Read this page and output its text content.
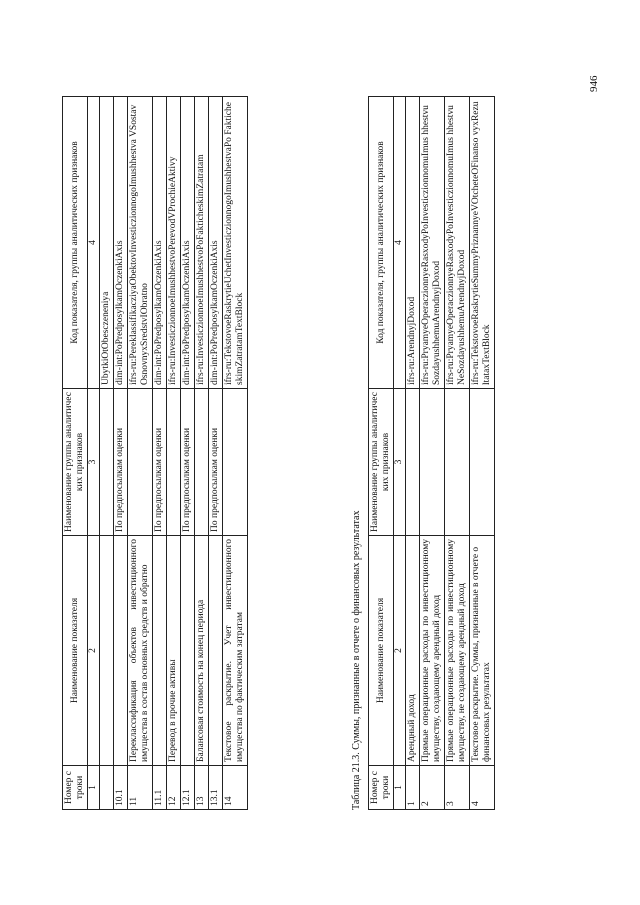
946
Номер строки	Наименование показателя	Наименование группы аналитических признаков	Код показателя, группы аналитических признаков
1	2	3	4
			UbytkiOtObesczeneniya
10.1		По предпосылкам оценки	dim-int:PoPredposylkamOczenkiAxis
11	Переклассификация объектов инвестиционного имущества в состав основных средств и обратно		ifrs-ru:PereklassifikacziyaObektovInvesticzionnogoImushhestva VSostavOsnovnyxSredstvIObratno
11.1		По предпосылкам оценки	dim-int:PoPredposylkamOczenkiAxis
12	Перевод в прочие активы		ifrs-ru:InvesticzionnoeImushhestvoPerevodVProchieAktivy
12.1		По предпосылкам оценки	dim-int:PoPredposylkamOczenkiAxis
13	Балансовая стоимость на конец периода		ifrs-ru:InvesticzionnoeImushhestvoPoFakticheskimZatratam
13.1		По предпосылкам оценки	dim-int:PoPredposylkamOczenkiAxis
14	Текстовое раскрытие. Учет инвестиционного имущества по фактическим затратам		ifrs-ru:TekstovoeRaskrytieUchetInvesticzionnogoImushhestvaPo FakticheskimZatratamTextBlock
Таблица 21.3. Суммы, признанные в отчете о финансовых результатах Номер строки	Наименование показателя	Наименование группы аналитических признаков	Код показателя, группы аналитических признаков
1	2	3	4
1	Арендный доход		ifrs-ru:ArendnyjDoxod
2	Прямые операционные расходы по инвестиционному имуществу, создающему арендный доход		ifrs-ru:PryamyeOperaczionnyeRasxodyPoInvesticzionnomuImus hhestvuSozdayushhemuArendnyjDoxod
3	Прямые операционные расходы по инвестиционному имуществу, не создающему арендный доход		ifrs-ru:PryamyeOperaczionnyeRasxodyPoInvesticzionnomuImus hhestvuNeSozdayushhemuArendnyjDoxod
4	Текстовое раскрытие. Суммы, признанные в отчете о финансовых результатах		ifrs-ru:TekstovoeRaskrytieSummyPriznannyeVOtcheteOFinanso vyxRezultataxTextBlock
